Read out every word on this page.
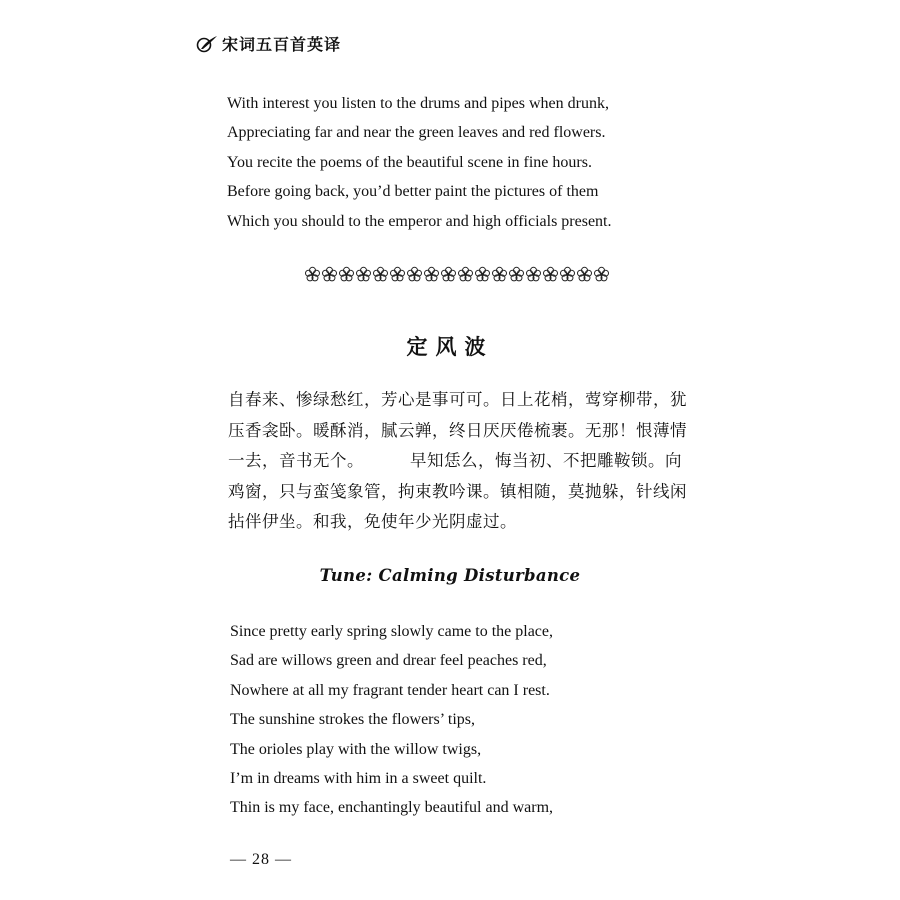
宋词五百首英译
With interest you listen to the drums and pipes when drunk,
Appreciating far and near the green leaves and red flowers.
You recite the poems of the beautiful scene in fine hours.
Before going back, you’d better paint the pictures of them
Which you should to the emperor and high officials present.
定风波

自春来、惨绿愁红，芳心是事可可。日上花梢，莺穿柳带，犹压香衾卧。暖酥消，腻云亸，终日厌厌倦梳裹。无那！恨薄情一去，音书无个。        早知恁么，悔当初、不把雕鞍锁。向鸡窗，只与蛮笺象管，拘束教吟课。镇相随，莫抛躲，针线闲拈伴伊坐。和我，免使年少光阴虚过。

Tune: Calming Disturbance
Since pretty early spring slowly came to the place,
Sad are willows green and drear feel peaches red,
Nowhere at all my fragrant tender heart can I rest.
The sunshine strokes the flowers’ tips,
The orioles play with the willow twigs,
I’m in dreams with him in a sweet quilt.
Thin is my face, enchantingly beautiful and warm,
— 28 —
